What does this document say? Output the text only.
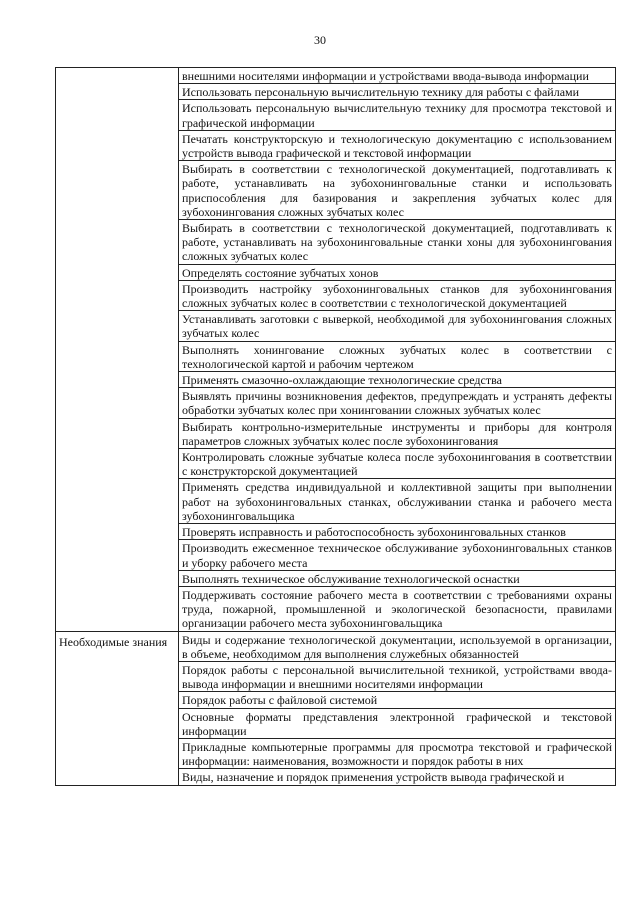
30
	внешними носителями информации и устройствами ввода-вывода информации
	Использовать персональную вычислительную технику для работы с файлами
	Использовать персональную вычислительную технику для просмотра текстовой и графической информации
	Печатать конструкторскую и технологическую документацию с использованием устройств вывода графической и текстовой информации
	Выбирать в соответствии с технологической документацией, подготавливать к работе, устанавливать на зубохонинговальные станки и использовать приспособления для базирования и закрепления зубчатых колес для зубохонингования сложных зубчатых колес
	Выбирать в соответствии с технологической документацией, подготавливать к работе, устанавливать на зубохонинговальные станки хоны для зубохонингования сложных зубчатых колес
	Определять состояние зубчатых хонов
	Производить настройку зубохонинговальных станков для зубохонингования сложных зубчатых колес в соответствии с технологической документацией
	Устанавливать заготовки с выверкой, необходимой для зубохонингования сложных зубчатых колес
	Выполнять хонингование сложных зубчатых колес в соответствии с технологической картой и рабочим чертежом
	Применять смазочно-охлаждающие технологические средства
	Выявлять причины возникновения дефектов, предупреждать и устранять дефекты обработки зубчатых колес при хонинговании сложных зубчатых колес
	Выбирать контрольно-измерительные инструменты и приборы для контроля параметров сложных зубчатых колес после зубохонингования
	Контролировать сложные зубчатые колеса после зубохонингования в соответствии с конструкторской документацией
	Применять средства индивидуальной и коллективной защиты при выполнении работ на зубохонинговальных станках, обслуживании станка и рабочего места зубохонинговальщика
	Проверять исправность и работоспособность зубохонинговальных станков
	Производить ежесменное техническое обслуживание зубохонинговальных станков и уборку рабочего места
	Выполнять техническое обслуживание технологической оснастки
	Поддерживать состояние рабочего места в соответствии с требованиями охраны труда, пожарной, промышленной и экологической безопасности, правилами организации рабочего места зубохонинговальщика

Необходимые знания	Виды и содержание технологической документации, используемой в организации, в объеме, необходимом для выполнения служебных обязанностей
	Порядок работы с персональной вычислительной техникой, устройствами ввода-вывода информации и внешними носителями информации
	Порядок работы с файловой системой
	Основные форматы представления электронной графической и текстовой информации
	Прикладные компьютерные программы для просмотра текстовой и графической информации: наименования, возможности и порядок работы в них
	Виды, назначение и порядок применения устройств вывода графической и
